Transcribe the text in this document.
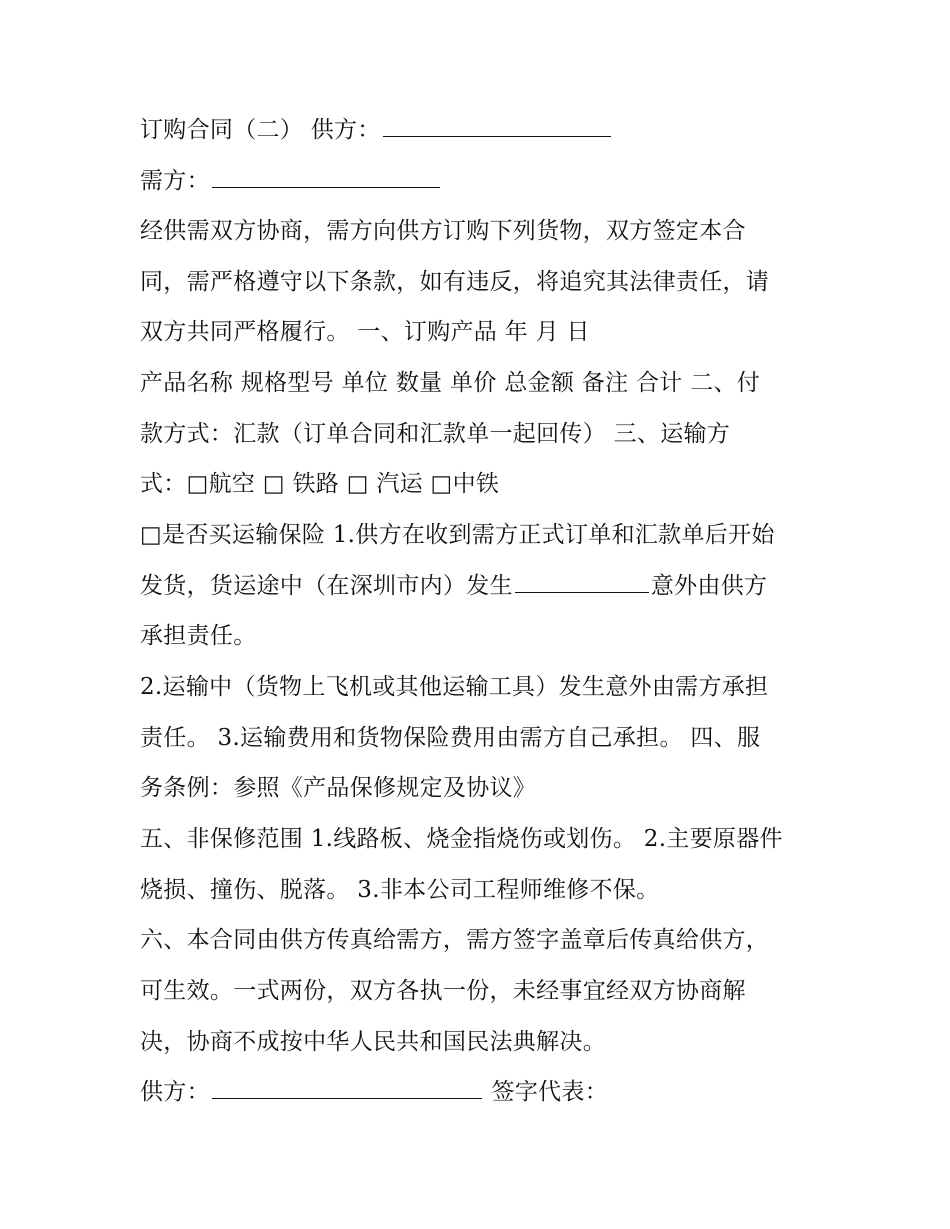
订购合同（二） 供方：
需方：
经供需双方协商，需方向供方订购下列货物，双方签定本合
同，需严格遵守以下条款，如有违反，将追究其法律责任，请
双方共同严格履行。 一、订购产品 年 月 日
产品名称 规格型号 单位 数量 单价 总金额 备注 合计 二、付
款方式：汇款（订单合同和汇款单一起回传） 三、运输方
式：□航空 □ 铁路 □ 汽运 □中铁
□是否买运输保险 1.供方在收到需方正式订单和汇款单后开始
发货，货运途中（在深圳市内）发生	意外由供方
承担责任。
2.运输中（货物上飞机或其他运输工具）发生意外由需方承担
责任。 3.运输费用和货物保险费用由需方自己承担。 四、服
务条例：参照《产品保修规定及协议》
五、非保修范围 1.线路板、烧金指烧伤或划伤。 2.主要原器件
烧损、撞伤、脱落。 3.非本公司工程师维修不保。
六、本合同由供方传真给需方，需方签字盖章后传真给供方，
可生效。一式两份，双方各执一份，未经事宜经双方协商解
决，协商不成按中华人民共和国民法典解决。
供方：	签字代表：
